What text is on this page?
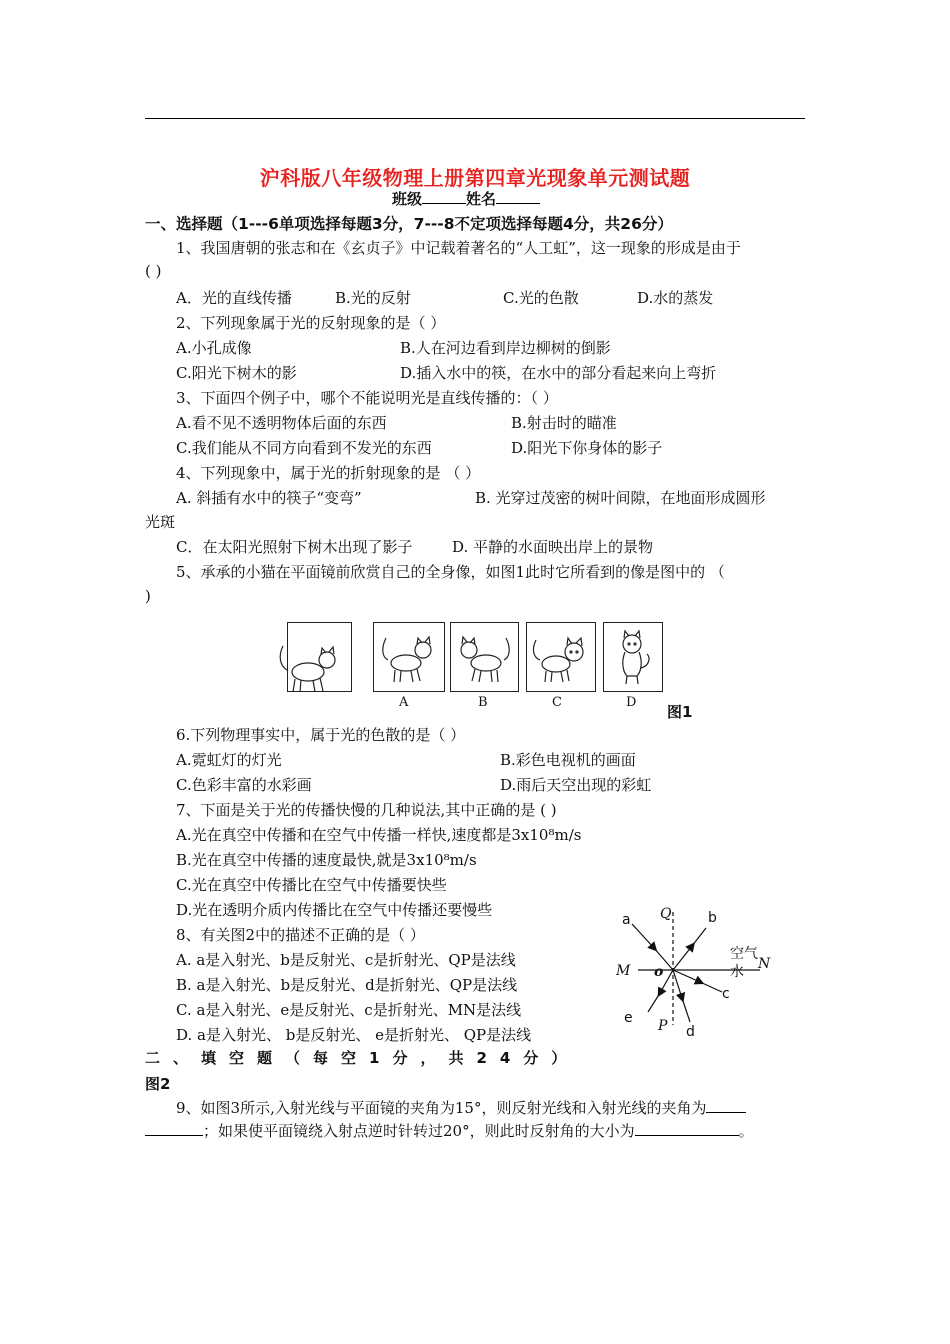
沪科版八年级物理上册第四章光现象单元测试题
班级	姓名
一、选择题（1---6单项选择每题3分，7---8不定项选择每题4分，共26分）
1、我国唐朝的张志和在《玄贞子》中记载着著名的“人工虹”，这一现象的形成是由于
( )
A．光的直线传播	B.光的反射	C.光的色散	D.水的蒸发
2、下列现象属于光的反射现象的是（ ）
A.小孔成像	B.人在河边看到岸边柳树的倒影
C.阳光下树木的影	D.插入水中的筷，在水中的部分看起来向上弯折
3、下面四个例子中，哪个不能说明光是直线传播的：（ ）
A.看不见不透明物体后面的东西	B.射击时的瞄准
C.我们能从不同方向看到不发光的东西	D.阳光下你身体的影子
4、下列现象中，属于光的折射现象的是 （ ）
A. 斜插有水中的筷子“变弯”	B. 光穿过茂密的树叶间隙，在地面形成圆形
光斑
C．在太阳光照射下树木出现了影子	D. 平静的水面映出岸上的景物
5、承承的小猫在平面镜前欣赏自己的全身像，如图1此时它所看到的像是图中的 （
)
A	B	C	D
图1
6.下列物理事实中，属于光的色散的是（ ）
A.霓虹灯的灯光	B.彩色电视机的画面
C.色彩丰富的水彩画	D.雨后天空出现的彩虹
7、下面是关于光的传播快慢的几种说法,其中正确的是 ( )
A.光在真空中传播和在空气中传播一样快,速度都是3x10⁸m/s
B.光在真空中传播的速度最快,就是3x10⁸m/s
C.光在真空中传播比在空气中传播要快些
D.光在透明介质内传播比在空气中传播还要慢些
8、有关图2中的描述不正确的是（ ）
A. a是入射光、b是反射光、c是折射光、QP是法线
B. a是入射光、b是反射光、d是折射光、QP是法线
C. a是入射光、e是反射光、c是折射光、MN是法线
D. a是入射光、 b是反射光、 e是折射光、 QP是法线
a	b
c
d
e
空气
水
Q
P
M	N
o
二、填空题（每空1分，共24分）
图2
9、如图3所示,入射光线与平面镜的夹角为15°，则反射光线和入射光线的夹角为
；如果使平面镜绕入射点逆时针转过20°，则此时反射角的大小为	。
